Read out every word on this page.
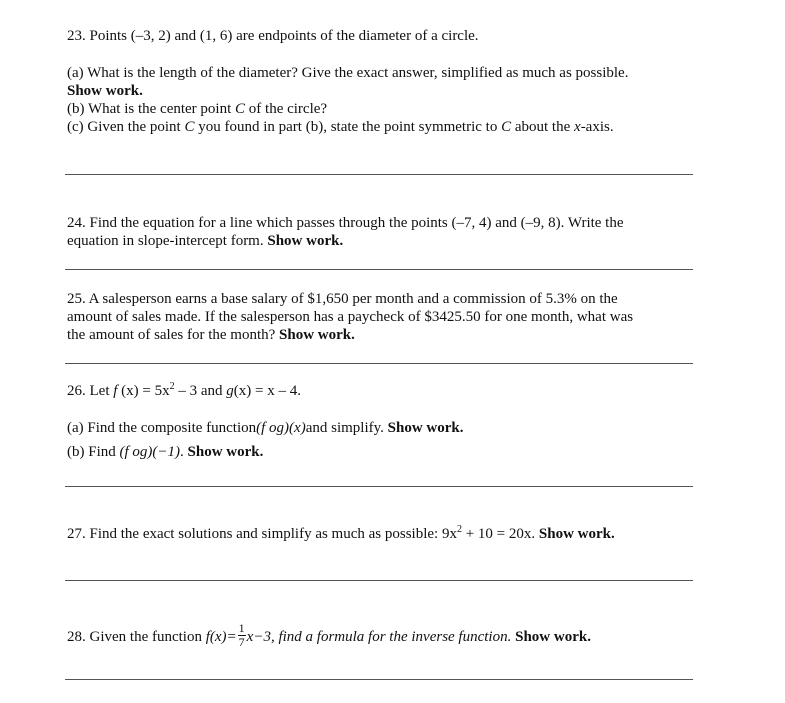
23. Points (–3, 2) and (1, 6) are endpoints of the diameter of a circle.
(a) What is the length of the diameter? Give the exact answer, simplified as much as possible.
Show work.
(b) What is the center point C of the circle?
(c) Given the point C you found in part (b), state the point symmetric to C about the x-axis.
24. Find the equation for a line which passes through the points (–7, 4) and (–9, 8). Write the
equation in slope-intercept form. Show work.
25. A salesperson earns a base salary of $1,650 per month and a commission of 5.3% on the
amount of sales made. If the salesperson has a paycheck of $3425.50 for one month, what was
the amount of sales for the month? Show work.
26. Let f $(x) = 5x^2 - 3$ and g(x) = x – 4.
(a) Find the composite function(f og)(x)and simplify. Show work.
(b) Find (f og)(−1). Show work.
27. Find the exact solutions and simplify as much as possible: $9x^2 + 10 = 20x$. Show work.
28. Given the function $f(x)= \frac{1}{7} x-3$, find a formula for the inverse function. Show work.
